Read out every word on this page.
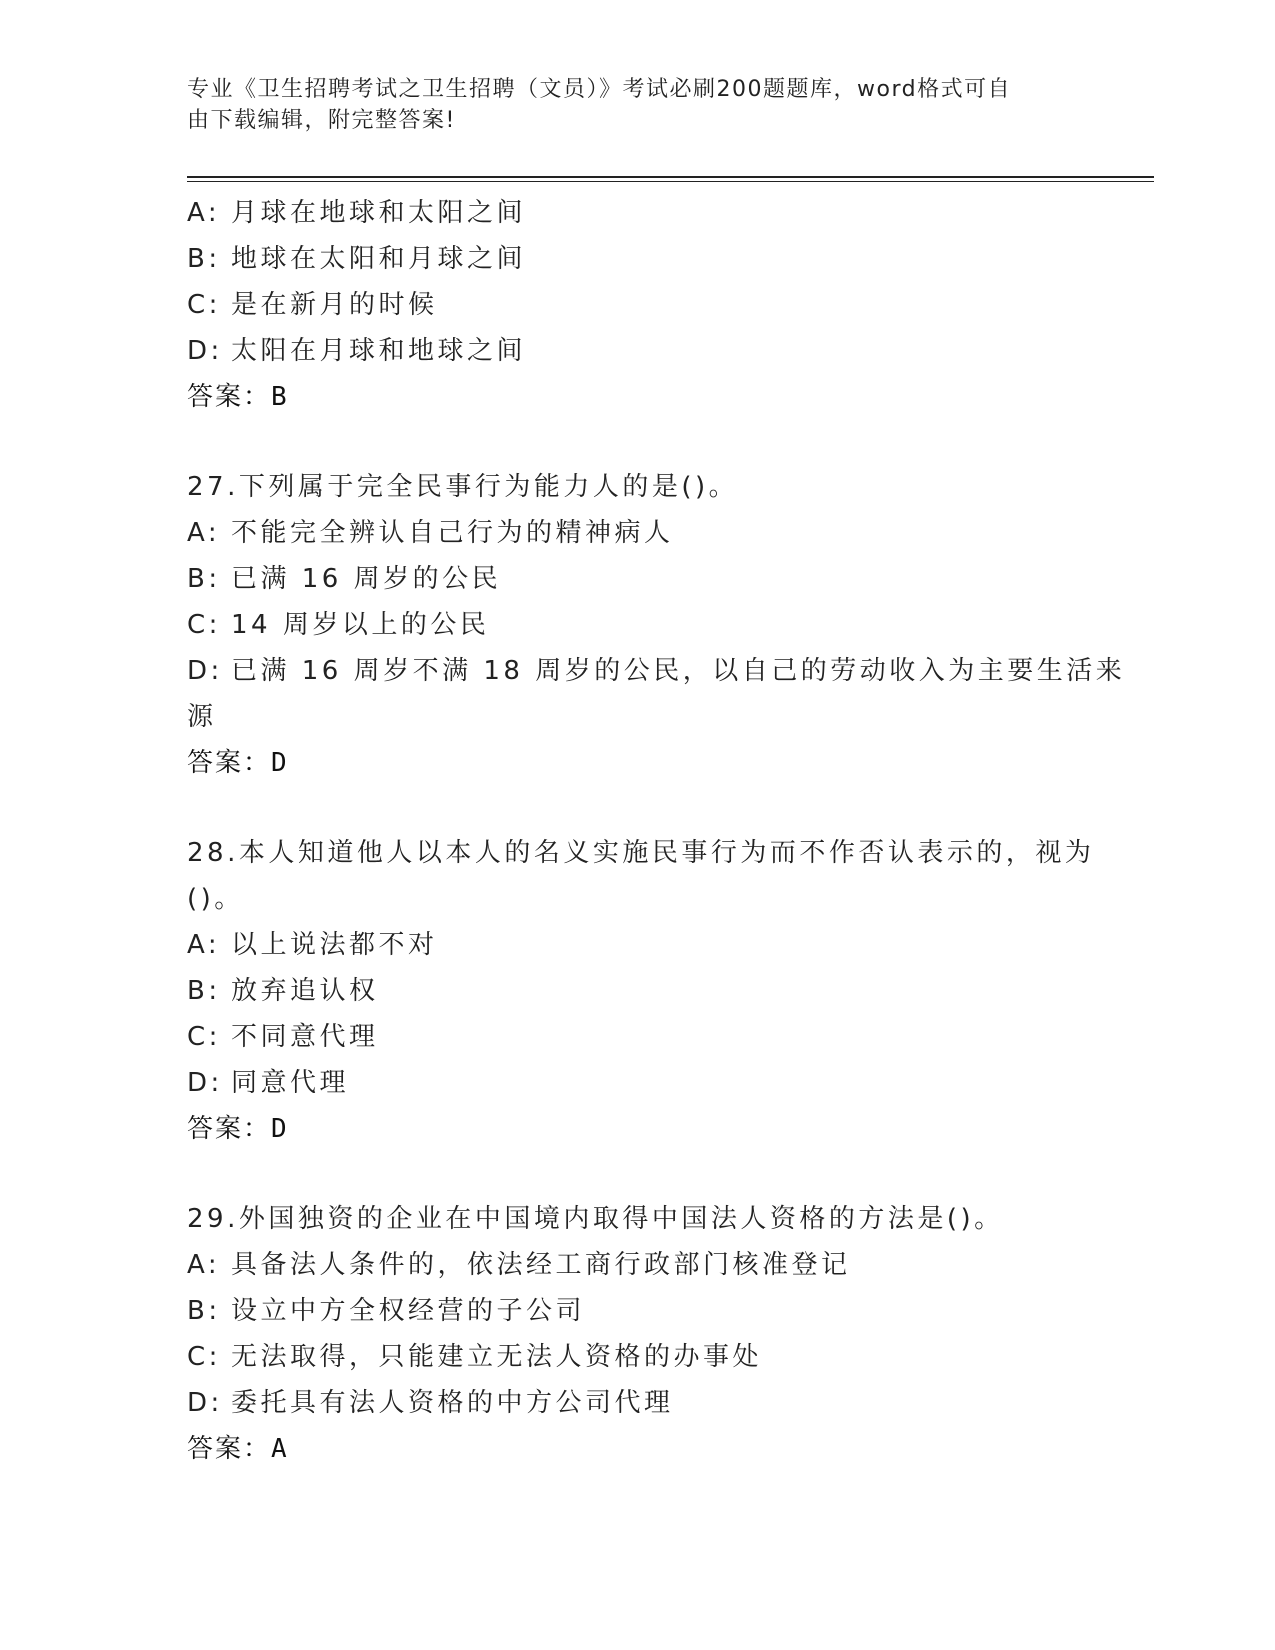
专业《卫生招聘考试之卫生招聘（文员）》考试必刷200题题库，word格式可自
由下载编辑，附完整答案!
A: 月球在地球和太阳之间
B: 地球在太阳和月球之间
C: 是在新月的时候
D: 太阳在月球和地球之间
答案：B
27.下列属于完全民事行为能力人的是()。
A: 不能完全辨认自己行为的精神病人
B: 已满 16 周岁的公民
C: 14 周岁以上的公民
D: 已满 16 周岁不满 18 周岁的公民，以自己的劳动收入为主要生活来
源
答案：D
28.本人知道他人以本人的名义实施民事行为而不作否认表示的，视为
()。
A: 以上说法都不对
B: 放弃追认权
C: 不同意代理
D: 同意代理
答案：D
29.外国独资的企业在中国境内取得中国法人资格的方法是()。
A: 具备法人条件的，依法经工商行政部门核准登记
B: 设立中方全权经营的子公司
C: 无法取得，只能建立无法人资格的办事处
D: 委托具有法人资格的中方公司代理
答案：A
